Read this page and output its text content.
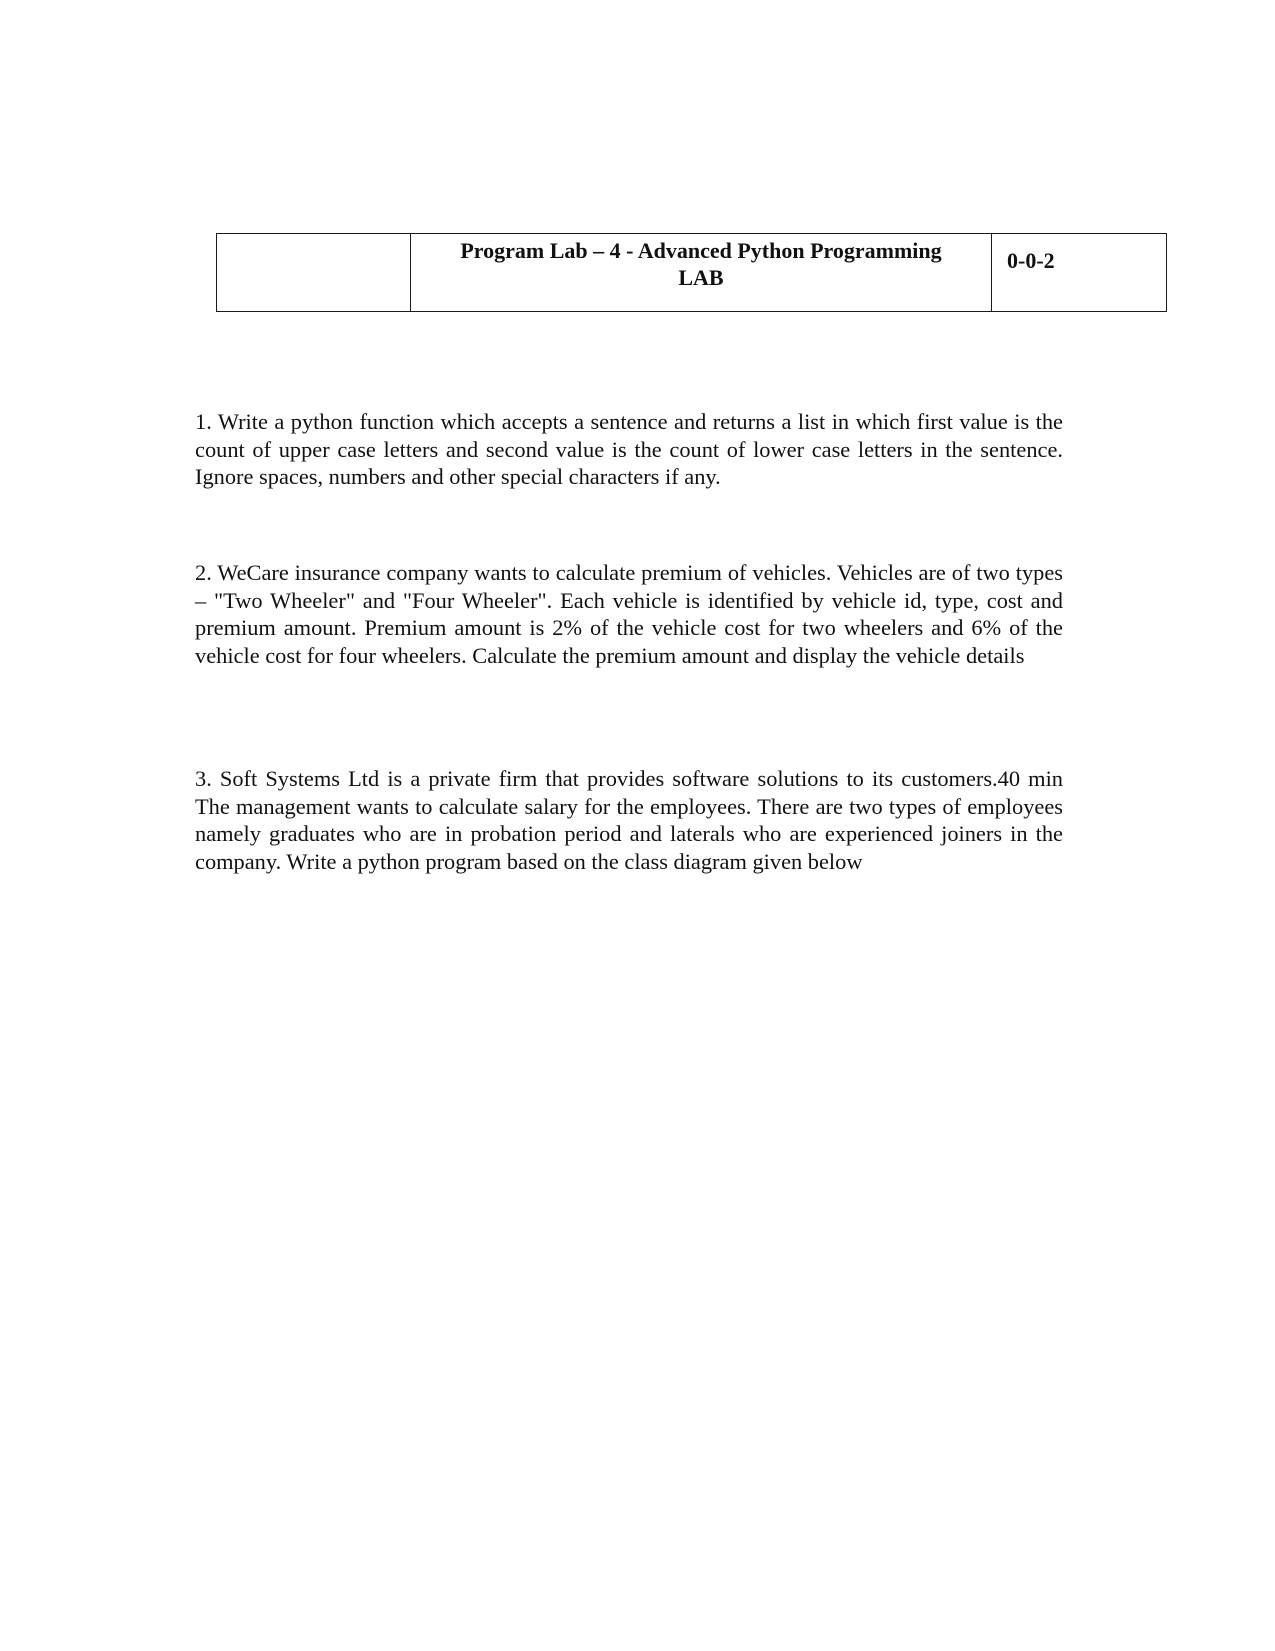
Program Lab – 4 - Advanced Python Programming
LAB
	0-0-2

1. Write a python function which accepts a sentence and returns a list in which first value is the count of upper case letters and second value is the count of lower case letters in the sentence. Ignore spaces, numbers and other special characters if any.

2. WeCare insurance company wants to calculate premium of vehicles. Vehicles are of two types – "Two Wheeler" and "Four Wheeler". Each vehicle is identified by vehicle id, type, cost and premium amount. Premium amount is 2% of the vehicle cost for two wheelers and 6% of the vehicle cost for four wheelers. Calculate the premium amount and display the vehicle details

3. Soft Systems Ltd is a private firm that provides software solutions to its customers.40 min The management wants to calculate salary for the employees. There are two types of employees namely graduates who are in probation period and laterals who are experienced joiners in the company. Write a python program based on the class diagram given below
